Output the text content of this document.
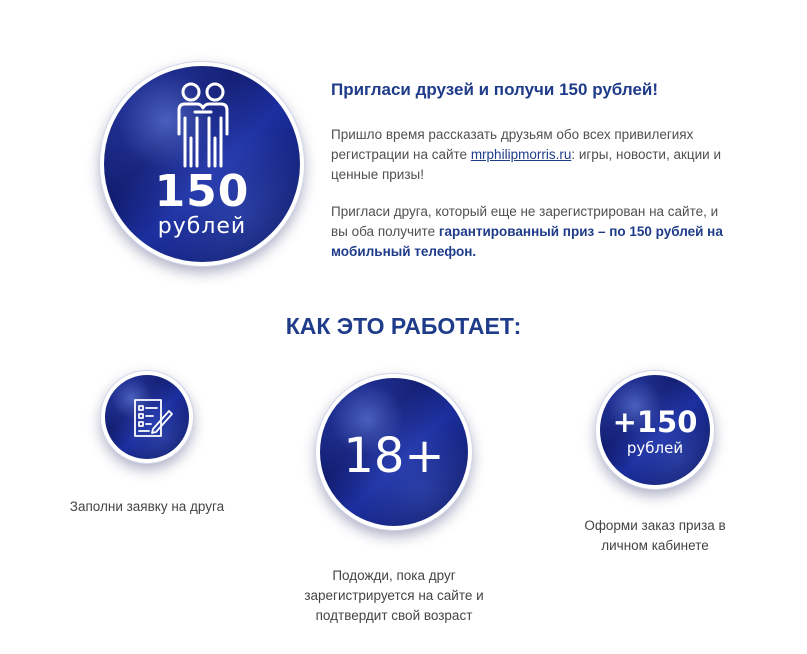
150
рублей
Пригласи друзей и получи 150 рублей!
Пришло время рассказать друзьям обо всех привилегиях регистрации на сайте mrphilipmorris.ru: игры, новости, акции и ценные призы!
Пригласи друга, который еще не зарегистрирован на сайте, и вы оба получите гарантированный приз – по 150 рублей на мобильный телефон.
КАК ЭТО РАБОТАЕТ:
Заполни заявку на друга
18+
Подожди, пока друг зарегистрируется на сайте и подтвердит свой возраст
+150
рублей
Оформи заказ приза в личном кабинете
